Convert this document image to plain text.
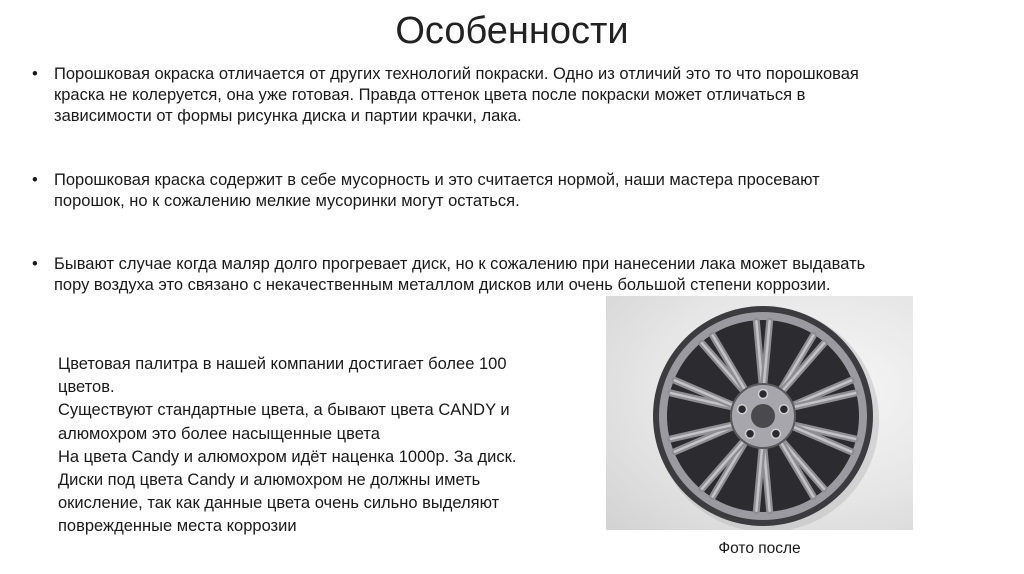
Особенности
• Порошковая окраска отличается от других технологий покраски. Одно из отличий это то что порошковая краска не колеруется, она уже готовая. Правда оттенок цвета после покраски может отличаться в зависимости от формы рисунка диска и партии крачки, лака.
• Порошковая краска содержит в себе мусорность и это считается нормой, наши мастера просевают порошок, но к сожалению мелкие мусоринки могут остаться.
• Бывают случае когда маляр долго прогревает диск, но к сожалению при нанесении лака может выдавать пору воздуха это связано с некачественным металлом дисков или очень большой степени коррозии.
Цветовая палитра в нашей компании достигает более 100 цветов.
Существуют стандартные цвета, а бывают цвета CANDY и алюмохром это более насыщенные цвета
На цвета Candy и алюмохром идёт наценка 1000р. За диск. Диски под цвета Candy и алюмохром не должны иметь окисление, так как данные цвета очень сильно выделяют поврежденные места коррозии
Фото после
